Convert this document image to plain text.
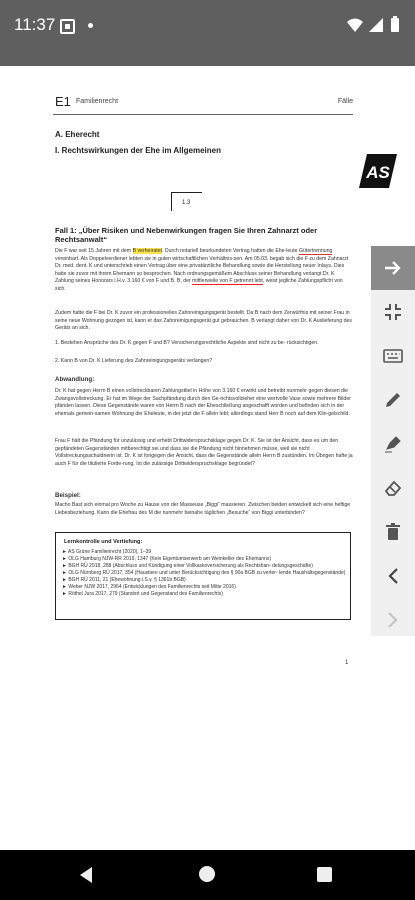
11:37
E1 Familienrecht	Fälle
A. Eherecht
I. Rechtswirkungen der Ehe im Allgemeinen
1.3
Fall 1: „Über Risiken und Nebenwirkungen fragen Sie Ihren Zahnarzt oder Rechtsanwalt“
Die F war seit 15 Jahren mit dem B verheiratet. Durch notariell beurkundeten Vertrag hatten die Ehe-leute Gütertrennung vereinbart. Als Doppelverdiener lebten sie in guten wirtschaftlichen Verhältnis-sen. Am 05.03. begab sich die F zu dem Zahnarzt Dr. med. dent. K und unterschrieb einen Vertrag über eine privatärztliche Behandlung sowie die Herstellung neuer Inlays. Dies hatte sie zuvor mit ihrem Ehemann so besprochen. Nach ordnungsgemäßem Abschluss seiner Behandlung verlangt Dr. K Zahlung seines Honorars i.H.v. 3.160 € von F und B. B, der mittlerweile von F getrennt lebt, weist jegliche Zahlungspflicht von sich.
Zudem hatte die F bei Dr. K zuvor ein professionelles Zahnreinigungsgerät bestellt. Da B nach dem Zerwürfnis mit seiner Frau in seine neue Wohnung gezogen ist, kann er das Zahnreinigungsgerät gut gebrauchen. B verlangt daher von Dr. K Auslieferung des Geräts an sich.
1. Bestehen Ansprüche des Dr. K gegen F und B? Versicherungsrechtliche Aspekte sind nicht zu be- rücksichtigen.
2. Kann B von Dr. K Lieferung des Zahnreinigungsgeräts verlangen?
Abwandlung:
Dr. K hat gegen Herrn B einen vollstreckbaren Zahlungstitel in Höhe von 3.160 € erwirkt und betreibt nunmehr gegen diesen die Zwangsvollstreckung. Er hat im Wege der Sachpfändung durch den Ge-richtsvollzieher eine wertvolle Vase sowie mehrere Bilder pfänden lassen. Diese Gegenstände waren von Herrn B nach der Eheschließung angeschafft worden und befinden sich in der ehemals gemein-samen Wohnung der Eheleute, in der jetzt die F allein lebt; allerdings stand Herr B noch auf dem Klin-gelschild.
Frau F hält die Pfändung für unzulässig und erhebt Drittwiderspruchsklage gegen Dr. K. Sie ist der Ansicht, dass es um den gepfändeten Gegenständen mitberechtigt sei und dass sie die Pfändung nicht hinnehmen müsse, weil sie nicht Vollstreckungsschuldnerin ist. Dr. K ist fongegen der Ansicht, dass die Gegenstände allein Herrn B zustünden. Im Übrigen hafte ja auch F für die titulierte Forde-rung. Ist die zulässige Drittwiderspruchsklage begründet?
Beispiel:
Macho Bast sich einmal pro Woche zu Hause von der Masseuse „Biggi“ massieren. Zwischen beiden entwickelt sich eine heftige Liebesbeziehung. Kann die Ehefrau des M die nunmehr beinahe täglichen „Besuche“ von Biggi unterbinden?
Lernkontrolle und Vertiefung:
► AS Grüne Familienrecht (2020), 1–39
► OLG Hamburg NJW-RR 2019, 1347 (Kein Eigentumserwerb am Weinkeller des Ehemanns)
► BGH RÜ 2018, 288 (Abschluss und Kündigung einer Vollkaskoversicherung als Rechtshan- delungsgeschäfte)
► OLG Nürnberg RÜ 2017, 354 (Haustiere und unter Berücksichtigung des § 90a BGB zu verter- lende Haushaltsgegenstände)
► BGH RÜ 2011, 21 (Ehewohnung i.S.v. § 1361b BGB)
► Weber NJW 2017, 2964 (Entwicklungen des Familienrechts seit Mitte 2016)
► Röthel Jura 2017, 279 (Standort und Gegenstand des Familienrechts)
1
AS
